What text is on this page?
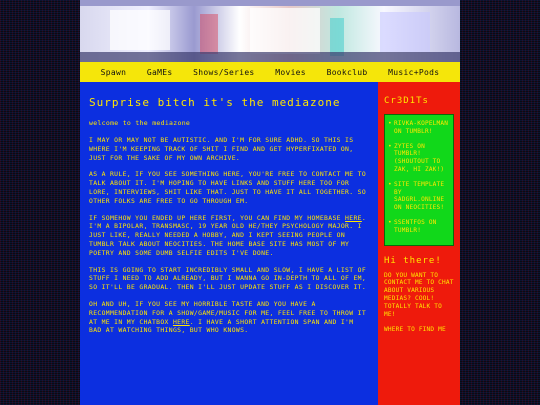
Spawn	GaMEs	Shows/Series	Movies	Bookclub	Music+Pods
Surprise bitch it's the mediazone
welcome to the mediazone

I MAY OR MAY NOT BE AUTISTIC. AND I'M FOR SURE ADHD. SO THIS IS WHERE I'M KEEPING TRACK OF SHIT I FIND AND GET HYPERFIXATED ON, JUST FOR THE SAKE OF MY OWN ARCHIVE.

AS A RULE, IF YOU SEE SOMETHING HERE, YOU'RE FREE TO CONTACT ME TO TALK ABOUT IT. I'M HOPING TO HAVE LINKS AND STUFF HERE TOO FOR LORE, INTERVIEWS, SHIT LIKE THAT. JUST TO HAVE IT ALL TOGETHER. SO OTHER FOLKS ARE FREE TO GO THROUGH EM.

IF SOMEHOW YOU ENDED UP HERE FIRST, YOU CAN FIND MY HOMEBASE HERE. I'M A BIPOLAR, TRANSMASC, 19 YEAR OLD HE/THEY PSYCHOLOGY MAJOR. I JUST LIKE, REALLY NEEDED A HOBBY, AND I KEPT SEEING PEOPLE ON TUMBLR TALK ABOUT NEOCITIES. THE HOME BASE SITE HAS MOST OF MY POETRY AND SOME DUMB SELFIE EDITS I'VE DONE.

THIS IS GOING TO START INCREDIBLY SMALL AND SLOW, I HAVE A LIST OF STUFF I NEED TO ADD ALREADY, BUT I WANNA GO IN-DEPTH TO ALL OF EM, SO IT'LL BE GRADUAL. THEN I'LL JUST UPDATE STUFF AS I DISCOVER IT.

OH AND UH, IF YOU SEE MY HORRIBLE TASTE AND YOU HAVE A RECOMMENDATION FOR A SHOW/GAME/MUSIC FOR ME, FEEL FREE TO THROW IT AT ME IN MY CHATBOX HERE. I HAVE A SHORT ATTENTION SPAN AND I'M BAD AT WATCHING THINGS, BUT WHO KNOWS.

Cr3D1Ts
• RIVKA-KOPELMAN ON TUMBLR!
• ZYTES ON TUMBLR! (SHOUTOUT TO ZAK, HI ZAK!)
• SITE TEMPLATE BY SADGRL.ONLINE ON NEOCITIES!
• SSENTFOS ON TUMBLR!
Hi there!
DO YOU WANT TO CONTACT ME TO CHAT ABOUT VARIOUS MEDIAS? COOL! TOTALLY TALK TO ME!
WHERE TO FIND ME
